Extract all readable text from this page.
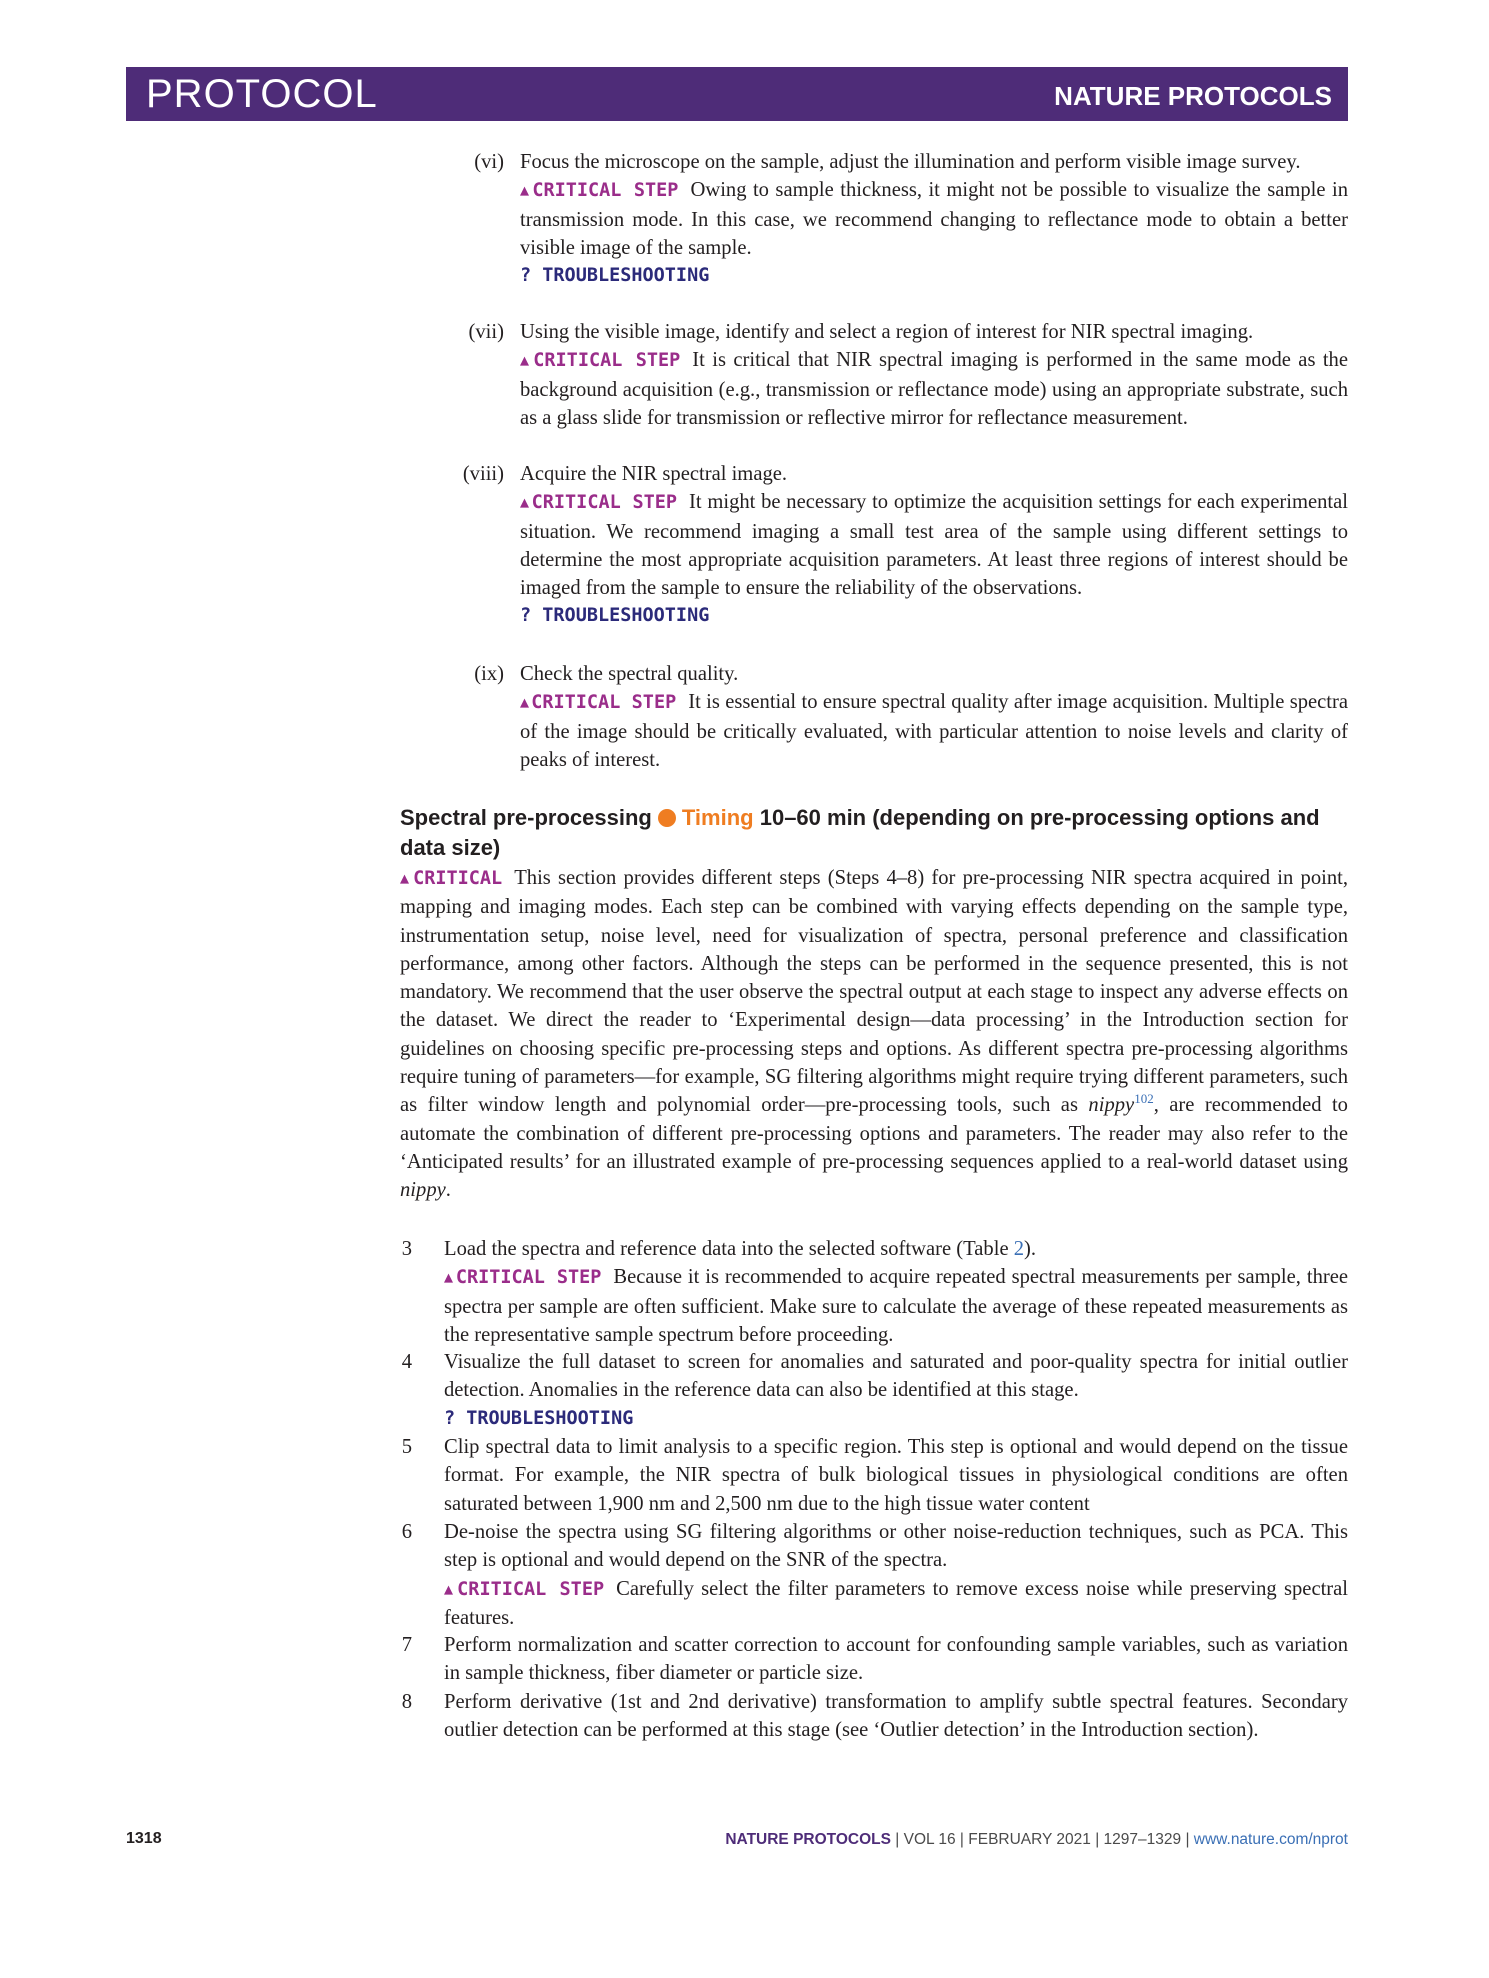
PROTOCOL	NATURE PROTOCOLS
(vi) Focus the microscope on the sample, adjust the illumination and perform visible image survey.

▲ CRITICAL STEP Owing to sample thickness, it might not be possible to visualize the sample in transmission mode. In this case, we recommend changing to reflectance mode to obtain a better visible image of the sample.

? TROUBLESHOOTING

(vii) Using the visible image, identify and select a region of interest for NIR spectral imaging.

▲ CRITICAL STEP It is critical that NIR spectral imaging is performed in the same mode as the background acquisition (e.g., transmission or reflectance mode) using an appropriate substrate, such as a glass slide for transmission or reflective mirror for reflectance measurement.

(viii) Acquire the NIR spectral image.

▲ CRITICAL STEP It might be necessary to optimize the acquisition settings for each experimental situation. We recommend imaging a small test area of the sample using different settings to determine the most appropriate acquisition parameters. At least three regions of interest should be imaged from the sample to ensure the reliability of the observations.

? TROUBLESHOOTING

(ix) Check the spectral quality.

▲ CRITICAL STEP It is essential to ensure spectral quality after image acquisition. Multiple spectra of the image should be critically evaluated, with particular attention to noise levels and clarity of peaks of interest.

Spectral pre-processing Timing 10–60 min (depending on pre-processing options and data size)

▲ CRITICAL This section provides different steps (Steps 4–8) for pre-processing NIR spectra acquired in point, mapping and imaging modes. Each step can be combined with varying effects depending on the sample type, instrumentation setup, noise level, need for visualization of spectra, personal preference and classification performance, among other factors. Although the steps can be performed in the sequence presented, this is not mandatory. We recommend that the user observe the spectral output at each stage to inspect any adverse effects on the dataset. We direct the reader to ‘Experimental design—data processing’ in the Introduction section for guidelines on choosing specific pre-processing steps and options. As different spectra pre-processing algorithms require tuning of parameters—for example, SG filtering algorithms might require trying different parameters, such as filter window length and polynomial order—pre-processing tools, such as nippy$^{102}$, are recommended to automate the combination of different pre-processing options and parameters. The reader may also refer to the ‘Anticipated results’ for an illustrated example of pre-processing sequences applied to a real-world dataset using nippy.

3 Load the spectra and reference data into the selected software (Table 2).

▲ CRITICAL STEP Because it is recommended to acquire repeated spectral measurements per sample, three spectra per sample are often sufficient. Make sure to calculate the average of these repeated measurements as the representative sample spectrum before proceeding.

4 Visualize the full dataset to screen for anomalies and saturated and poor-quality spectra for initial outlier detection. Anomalies in the reference data can also be identified at this stage.

? TROUBLESHOOTING

5 Clip spectral data to limit analysis to a specific region. This step is optional and would depend on the tissue format. For example, the NIR spectra of bulk biological tissues in physiological conditions are often saturated between 1,900 nm and 2,500 nm due to the high tissue water content

6 De-noise the spectra using SG filtering algorithms or other noise-reduction techniques, such as PCA. This step is optional and would depend on the SNR of the spectra.

▲ CRITICAL STEP Carefully select the filter parameters to remove excess noise while preserving spectral features.

7 Perform normalization and scatter correction to account for confounding sample variables, such as variation in sample thickness, fiber diameter or particle size.

8 Perform derivative (1st and 2nd derivative) transformation to amplify subtle spectral features. Secondary outlier detection can be performed at this stage (see ‘Outlier detection’ in the Introduction section).

1318	NATURE PROTOCOLS | VOL 16 | FEBRUARY 2021 | 1297–1329 | www.nature.com/nprot
